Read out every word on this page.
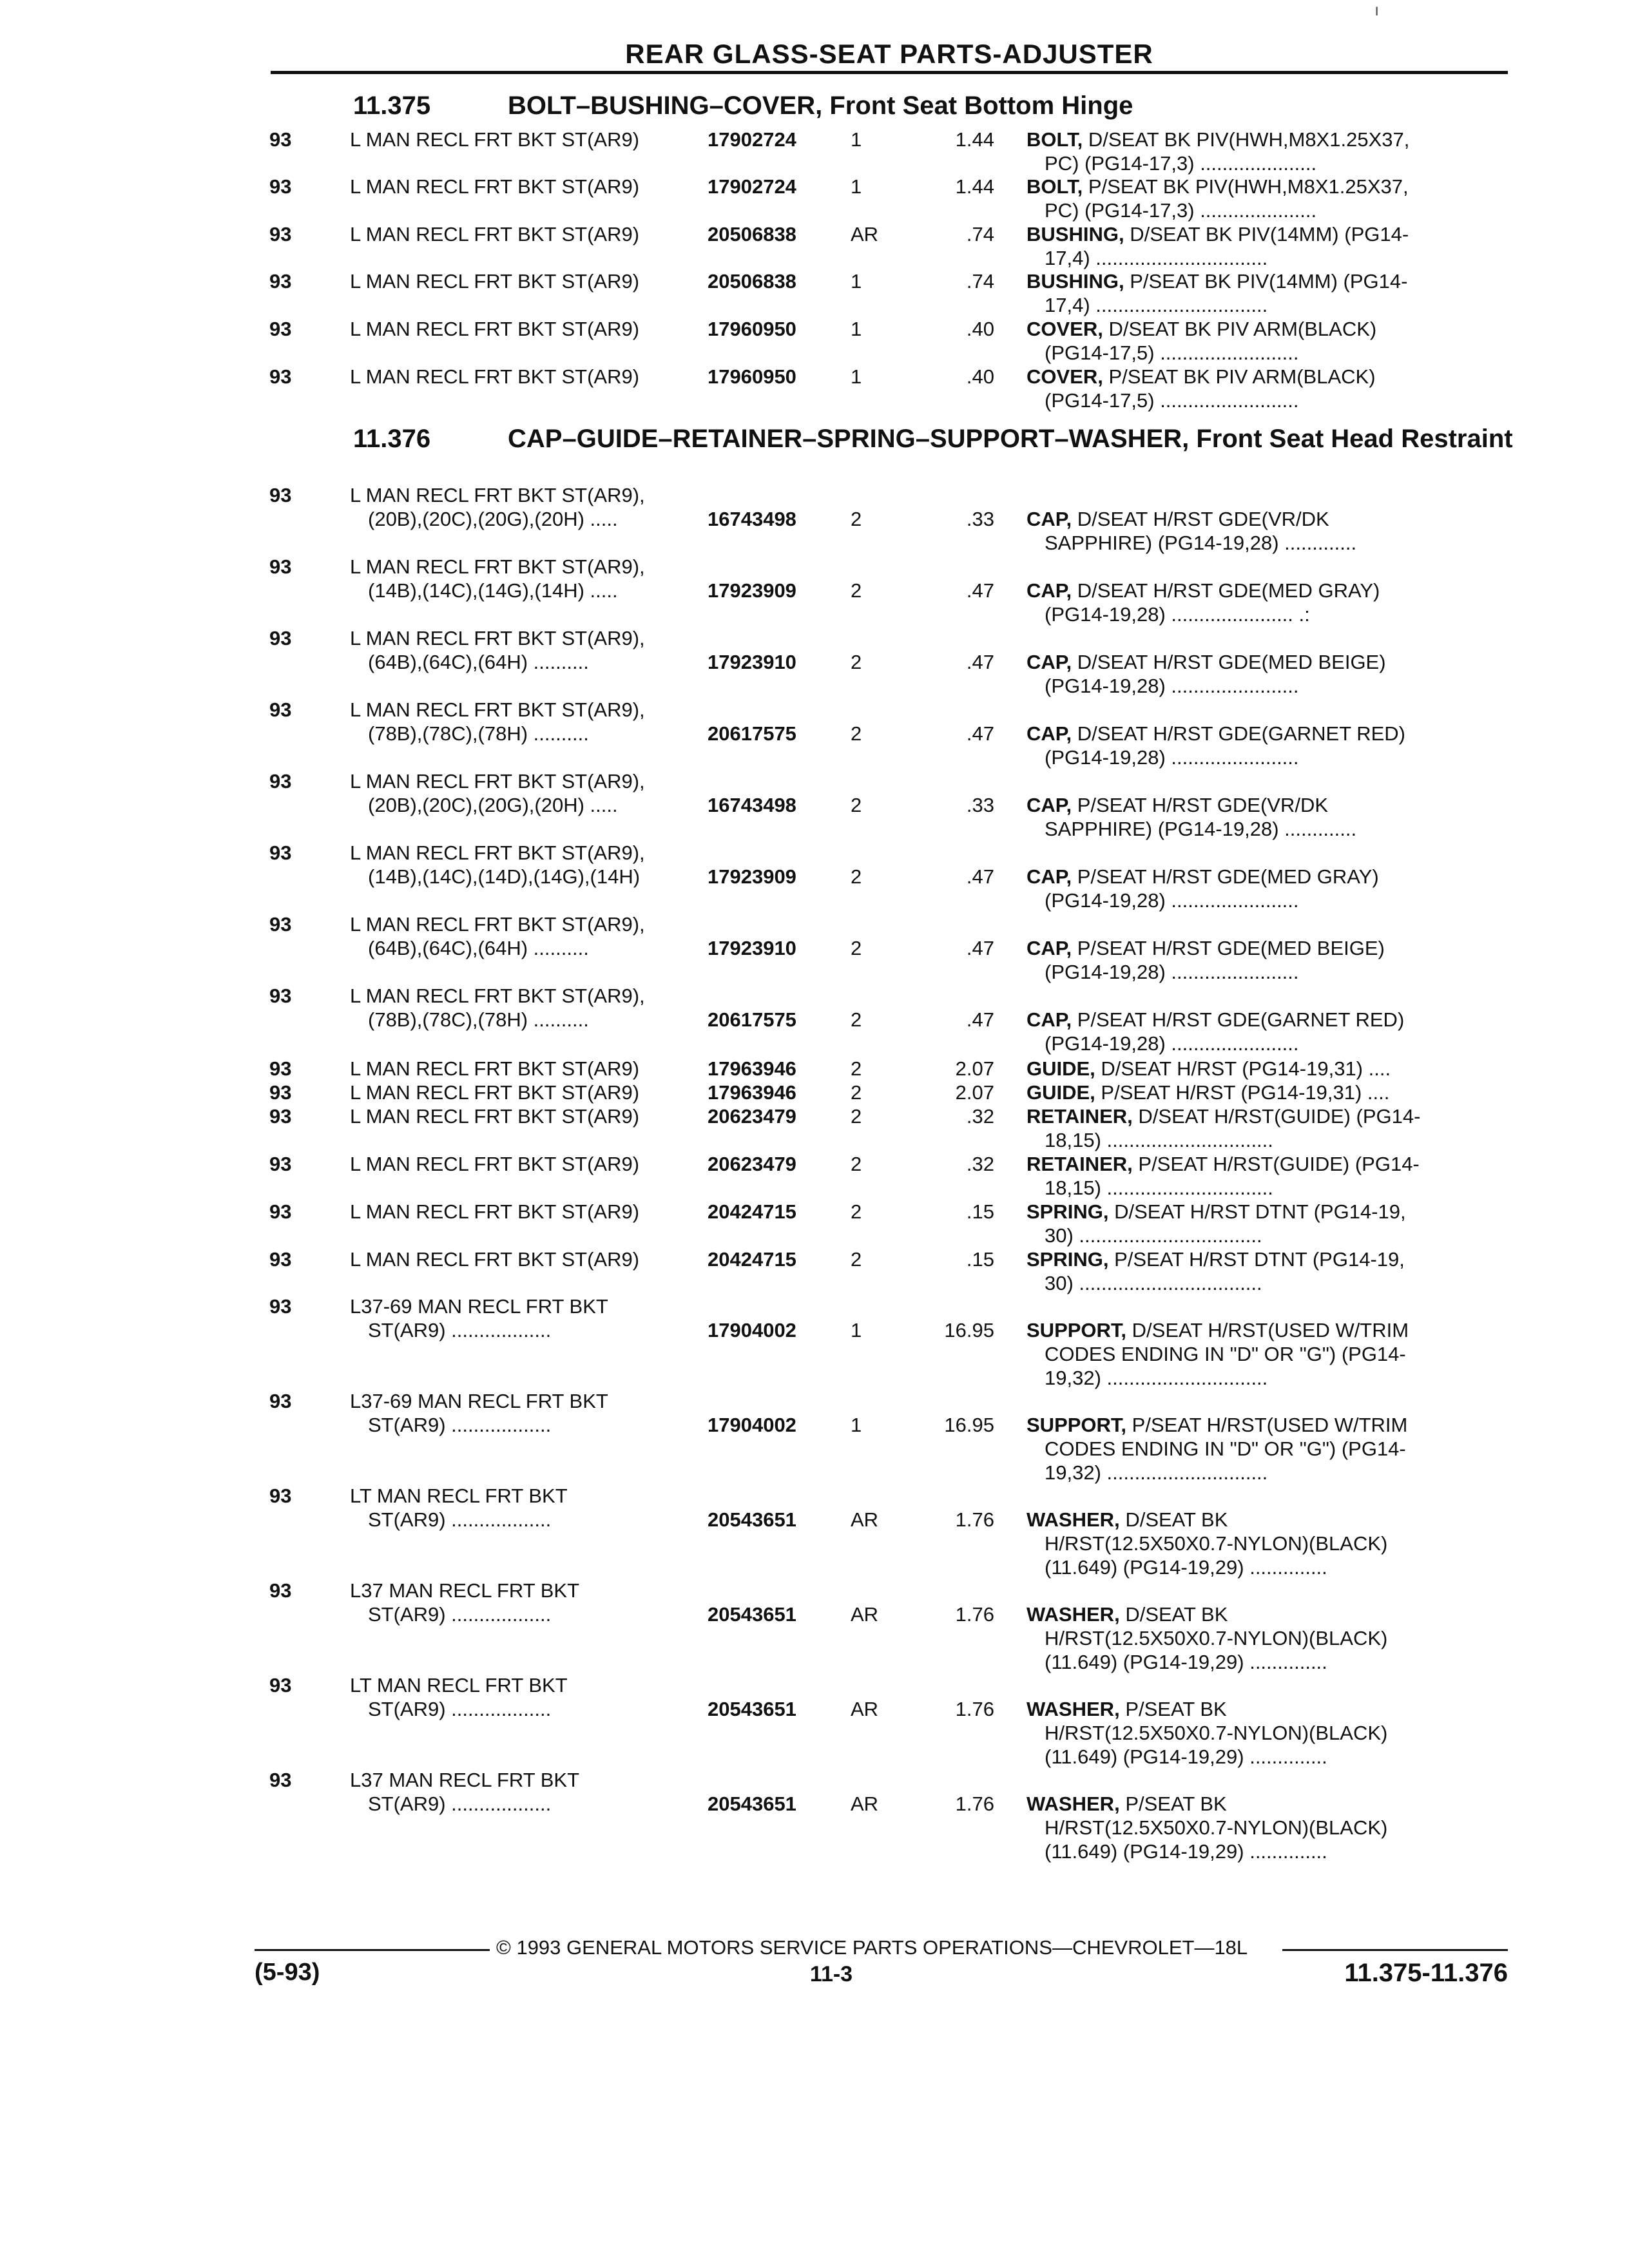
ı
REAR GLASS-SEAT PARTS-ADJUSTER
11.375	BOLT–BUSHING–COVER, Front Seat Bottom Hinge
93	L MAN RECL FRT BKT ST(AR9)	17902724	1	1.44 BOLT, D/SEAT BK PIV(HWH,M8X1.25X37,
PC) (PG14-17,3) .....................
93	L MAN RECL FRT BKT ST(AR9)	17902724	1	1.44 BOLT, P/SEAT BK PIV(HWH,M8X1.25X37,
PC) (PG14-17,3) .....................
93	L MAN RECL FRT BKT ST(AR9)	20506838	AR	.74 BUSHING, D/SEAT BK PIV(14MM) (PG14-
17,4) ...............................
93	L MAN RECL FRT BKT ST(AR9)	20506838	1	.74 BUSHING, P/SEAT BK PIV(14MM) (PG14-
17,4) ...............................
93	L MAN RECL FRT BKT ST(AR9)	17960950	1	.40 COVER, D/SEAT BK PIV ARM(BLACK)
(PG14-17,5) .........................
93	L MAN RECL FRT BKT ST(AR9)	17960950	1	.40 COVER, P/SEAT BK PIV ARM(BLACK)
(PG14-17,5) .........................
11.376	CAP–GUIDE–RETAINER–SPRING–SUPPORT–WASHER, Front Seat Head Restraint
93	L MAN RECL FRT BKT ST(AR9),
(20B),(20C),(20G),(20H) .....	16743498	2	.33 CAP, D/SEAT H/RST GDE(VR/DK
SAPPHIRE) (PG14-19,28) .............
93	L MAN RECL FRT BKT ST(AR9),
(14B),(14C),(14G),(14H) .....	17923909	2	.47 CAP, D/SEAT H/RST GDE(MED GRAY)
(PG14-19,28) ...................... .:
93	L MAN RECL FRT BKT ST(AR9),
(64B),(64C),(64H) ..........	17923910	2	.47 CAP, D/SEAT H/RST GDE(MED BEIGE)
(PG14-19,28) .......................
93	L MAN RECL FRT BKT ST(AR9),
(78B),(78C),(78H) ..........	20617575	2	.47 CAP, D/SEAT H/RST GDE(GARNET RED)
(PG14-19,28) .......................
93	L MAN RECL FRT BKT ST(AR9),
(20B),(20C),(20G),(20H) .....	16743498	2	.33 CAP, P/SEAT H/RST GDE(VR/DK
SAPPHIRE) (PG14-19,28) .............
93	L MAN RECL FRT BKT ST(AR9),
(14B),(14C),(14D),(14G),(14H)	17923909	2	.47 CAP, P/SEAT H/RST GDE(MED GRAY)
(PG14-19,28) .......................
93	L MAN RECL FRT BKT ST(AR9),
(64B),(64C),(64H) ..........	17923910	2	.47 CAP, P/SEAT H/RST GDE(MED BEIGE)
(PG14-19,28) .......................
93	L MAN RECL FRT BKT ST(AR9),
(78B),(78C),(78H) ..........	20617575	2	.47 CAP, P/SEAT H/RST GDE(GARNET RED)
(PG14-19,28) .......................
93	L MAN RECL FRT BKT ST(AR9)	17963946	2	2.07 GUIDE, D/SEAT H/RST (PG14-19,31) ....
93	L MAN RECL FRT BKT ST(AR9)	17963946	2	2.07 GUIDE, P/SEAT H/RST (PG14-19,31) ....
93	L MAN RECL FRT BKT ST(AR9)	20623479	2	.32 RETAINER, D/SEAT H/RST(GUIDE) (PG14-
18,15) ..............................
93	L MAN RECL FRT BKT ST(AR9)	20623479	2	.32 RETAINER, P/SEAT H/RST(GUIDE) (PG14-
18,15) ..............................
93	L MAN RECL FRT BKT ST(AR9)	20424715	2	.15 SPRING, D/SEAT H/RST DTNT (PG14-19,
30) .................................
93	L MAN RECL FRT BKT ST(AR9)	20424715	2	.15 SPRING, P/SEAT H/RST DTNT (PG14-19,
30) .................................
93	L37-69 MAN RECL FRT BKT
ST(AR9) ..................	17904002	1	16.95 SUPPORT, D/SEAT H/RST(USED W/TRIM
CODES ENDING IN "D" OR "G") (PG14-
19,32) .............................
93	L37-69 MAN RECL FRT BKT
ST(AR9) ..................	17904002	1	16.95 SUPPORT, P/SEAT H/RST(USED W/TRIM
CODES ENDING IN "D" OR "G") (PG14-
19,32) .............................
93	LT MAN RECL FRT BKT
ST(AR9) ..................	20543651	AR	1.76 WASHER, D/SEAT BK
H/RST(12.5X50X0.7-NYLON)(BLACK)
(11.649) (PG14-19,29) ..............
93	L37 MAN RECL FRT BKT
ST(AR9) ..................	20543651	AR	1.76 WASHER, D/SEAT BK
H/RST(12.5X50X0.7-NYLON)(BLACK)
(11.649) (PG14-19,29) ..............
93	LT MAN RECL FRT BKT
ST(AR9) ..................	20543651	AR	1.76 WASHER, P/SEAT BK
H/RST(12.5X50X0.7-NYLON)(BLACK)
(11.649) (PG14-19,29) ..............
93	L37 MAN RECL FRT BKT
ST(AR9) ..................	20543651	AR	1.76 WASHER, P/SEAT BK
H/RST(12.5X50X0.7-NYLON)(BLACK)
(11.649) (PG14-19,29) ..............
© 1993 GENERAL MOTORS SERVICE PARTS OPERATIONS—CHEVROLET—18L
(5-93)	11-3	11.375-11.376
